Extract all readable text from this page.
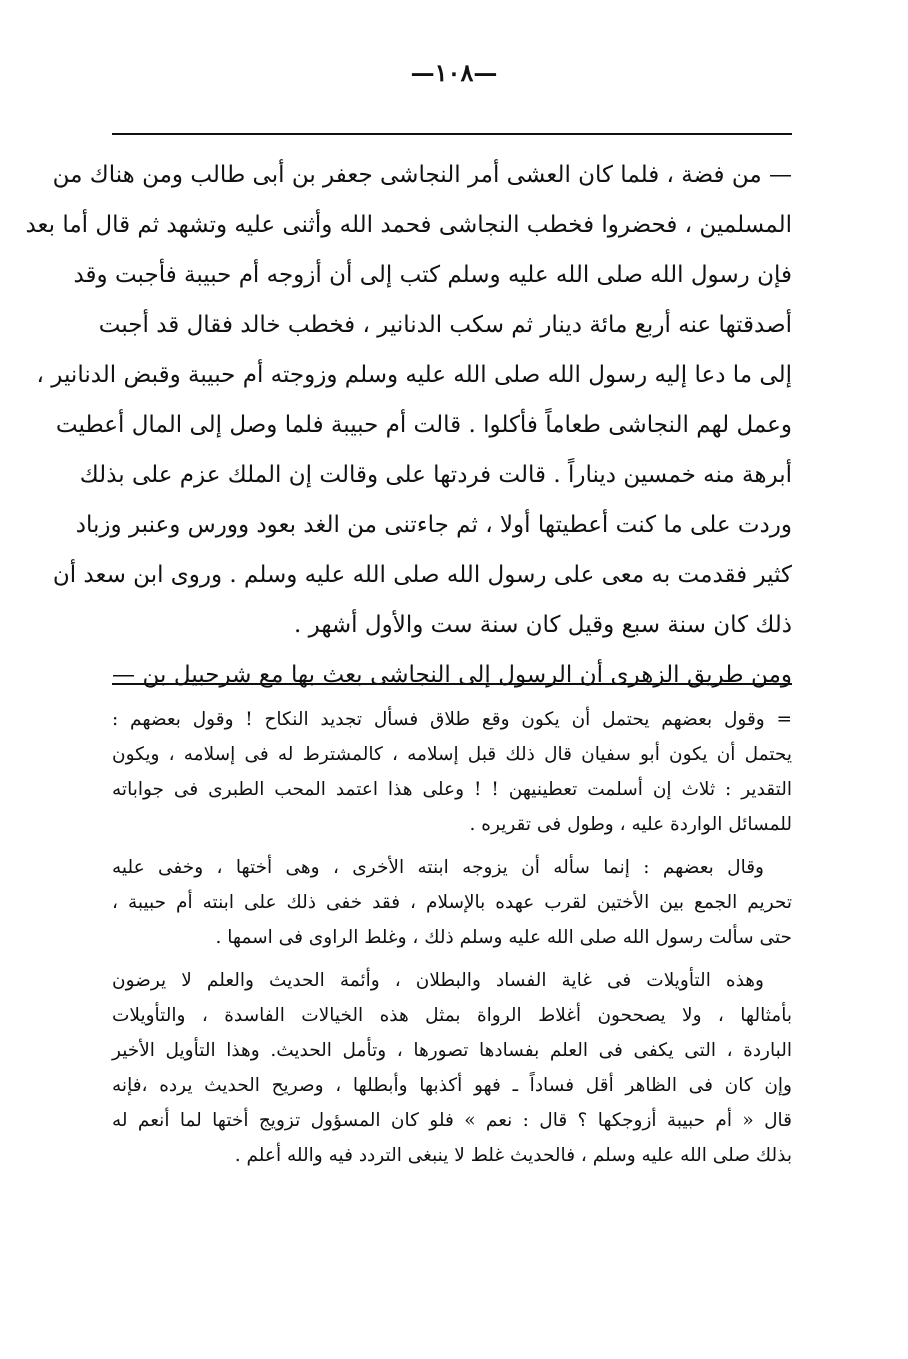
—١٠٨—
— من فضة ، فلما كان العشى أمر النجاشى جعفر بن أبى طالب ومن هناك من
المسلمين ، فحضروا فخطب النجاشى فحمد الله وأثنى عليه وتشهد ثم قال أما بعد
فإن رسول الله صلى الله عليه وسلم كتب إلى أن أزوجه أم حبيبة فأجبت وقد
أصدقتها عنه أربع مائة دينار ثم سكب الدنانير ، فخطب خالد فقال قد أجبت
إلى ما دعا إليه رسول الله صلى الله عليه وسلم وزوجته أم حبيبة وقبض الدنانير ،
وعمل لهم النجاشى طعاماً فأكلوا . قالت أم حبيبة فلما وصل إلى المال أعطيت
أبرهة منه خمسين ديناراً . قالت فردتها على وقالت إن الملك عزم على بذلك
وردت على ما كنت أعطيتها أولا ، ثم جاءتنى من الغد بعود وورس وعنبر وزباد
كثير فقدمت به معى على رسول الله صلى الله عليه وسلم . وروى ابن سعد أن
ذلك كان سنة سبع وقيل كان سنة ست والأول أشهر .
ومن طريق الزهرى أن الرسول إلى النجاشى بعث بها مع شرحبيل بن —
= وقول بعضهم يحتمل أن يكون وقع طلاق فسأل تجديد النكاح ! وقول بعضهم :
يحتمل أن يكون أبو سفيان قال ذلك قبل إسلامه ، كالمشترط له فى إسلامه ، ويكون
التقدير : ثلاث إن أسلمت تعطينيهن ! ! وعلى هذا اعتمد المحب الطبرى فى جواباته
للمسائل الواردة عليه ، وطول فى تقريره .
وقال بعضهم : إنما سأله أن يزوجه ابنته الأخرى ، وهى أختها ، وخفى عليه
تحريم الجمع بين الأختين لقرب عهده بالإسلام ، فقد خفى ذلك على ابنته أم حبيبة ،
حتى سألت رسول الله صلى الله عليه وسلم ذلك ، وغلط الراوى فى اسمها .
وهذه التأويلات فى غاية الفساد والبطلان ، وأئمة الحديث والعلم لا يرضون
بأمثالها ، ولا يصححون أغلاط الرواة بمثل هذه الخيالات الفاسدة ، والتأويلات
الباردة ، التى يكفى فى العلم بفسادها تصورها ، وتأمل الحديث. وهذا التأويل الأخير
وإن كان فى الظاهر أقل فساداً ـ فهو أكذبها وأبطلها ، وصريح الحديث يرده ،فإنه
قال « أم حبيبة أزوجكها ؟ قال : نعم » فلو كان المسؤول تزويج أختها لما أنعم له
بذلك صلى الله عليه وسلم ، فالحديث غلط لا ينبغى التردد فيه والله أعلم .
